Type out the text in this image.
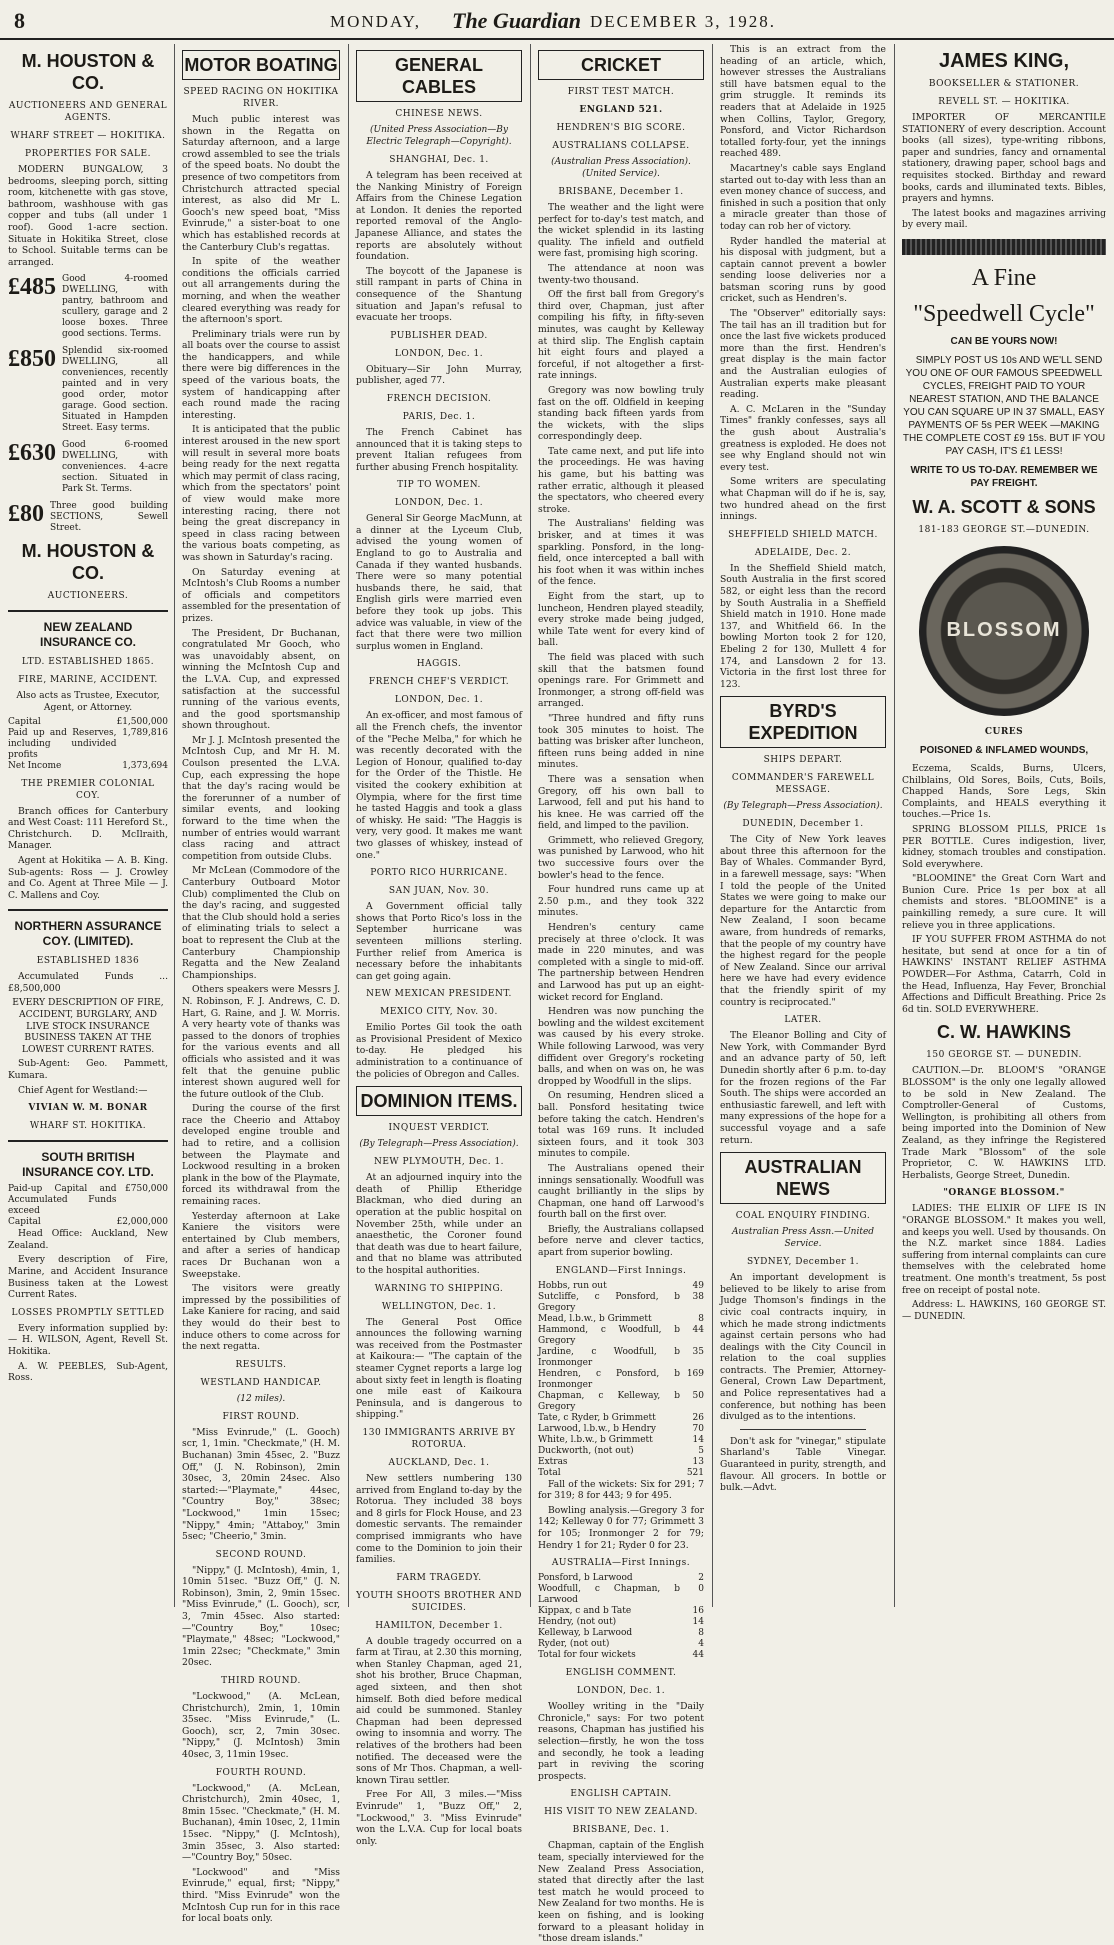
8	MONDAY, The Guardian DECEMBER 3, 1928.
M. HOUSTON & CO.
AUCTIONEERS AND GENERAL AGENTS.
WHARF STREET — HOKITIKA.
PROPERTIES FOR SALE.

MODERN BUNGALOW, 3 bedrooms, sleeping porch, sitting room, kitchenette with gas stove, bathroom, washhouse with gas copper and tubs (all under 1 roof). Good 1-acre section. Situate in Hokitika Street, close to School. Suitable terms can be arranged.

£485 Good 4-roomed DWELLING, with pantry, bathroom and scullery, garage and 2 loose boxes. Three good sections. Terms.
£850 Splendid six-roomed DWELLING, all conveniences, recently painted and in very good order, motor garage. Good section. Situated in Hampden Street. Easy terms.
£630 Good 6-roomed DWELLING, with conveniences. 4-acre section. Situated in Park St. Terms.
£80 Three good building SECTIONS, Sewell Street.
M. HOUSTON & CO.
AUCTIONEERS.
NEW ZEALAND INSURANCE CO.
LTD. ESTABLISHED 1865.
FIRE, MARINE, ACCIDENT.

Also acts as Trustee, Executor, Agent, or Attorney.

Capital	£1,500,000
Paid up and Reserves, including undivided profits	1,789,816
Net Income	1,373,694
THE PREMIER COLONIAL COY.

Branch offices for Canterbury and West Coast: 111 Hereford St., Christchurch. D. McIlraith, Manager.

Agent at Hokitika — A. B. King. Sub-agents: Ross — J. Crowley and Co. Agent at Three Mile — J. C. Mallens and Coy.

NORTHERN ASSURANCE COY. (LIMITED).
ESTABLISHED 1836

Accumulated Funds ... £8,500,000

EVERY DESCRIPTION OF FIRE, ACCIDENT, BURGLARY, AND LIVE STOCK INSURANCE BUSINESS TAKEN AT THE LOWEST CURRENT RATES.

Sub-Agent: Geo. Pammett, Kumara.

Chief Agent for Westland:—

VIVIAN W. M. BONAR
WHARF ST. HOKITIKA.
SOUTH BRITISH INSURANCE COY. LTD.
Paid-up Capital and Accumulated Funds exceed	£750,000
Capital	£2,000,000

Head Office: Auckland, New Zealand.

Every description of Fire, Marine, and Accident Insurance Business taken at the Lowest Current Rates.

LOSSES PROMPTLY SETTLED

Every information supplied by:— H. WILSON, Agent, Revell St. Hokitika.

A. W. PEEBLES, Sub-Agent, Ross.

MOTOR BOATING
SPEED RACING ON HOKITIKA RIVER.

Much public interest was shown in the Regatta on Saturday afternoon, and a large crowd assembled to see the trials of the speed boats. No doubt the presence of two competitors from Christchurch attracted special interest, as also did Mr L. Gooch's new speed boat, "Miss Evinrude," a sister-boat to one which has established records at the Canterbury Club's regattas.

In spite of the weather conditions the officials carried out all arrangements during the morning, and when the weather cleared everything was ready for the afternoon's sport.

Preliminary trials were run by all boats over the course to assist the handicappers, and while there were big differences in the speed of the various boats, the system of handicapping after each round made the racing interesting.

It is anticipated that the public interest aroused in the new sport will result in several more boats being ready for the next regatta which may permit of class racing, which from the spectators' point of view would make more interesting racing, there not being the great discrepancy in speed in class racing between the various boats competing, as was shown in Saturday's racing.

On Saturday evening at McIntosh's Club Rooms a number of officials and competitors assembled for the presentation of prizes.

The President, Dr Buchanan, congratulated Mr Gooch, who was unavoidably absent, on winning the McIntosh Cup and the L.V.A. Cup, and expressed satisfaction at the successful running of the various events, and the good sportsmanship shown throughout.

Mr J. J. McIntosh presented the McIntosh Cup, and Mr H. M. Coulson presented the L.V.A. Cup, each expressing the hope that the day's racing would be the forerunner of a number of similar events, and looking forward to the time when the number of entries would warrant class racing and attract competition from outside Clubs.

Mr McLean (Commodore of the Canterbury Outboard Motor Club) complimented the Club on the day's racing, and suggested that the Club should hold a series of eliminating trials to select a boat to represent the Club at the Canterbury Championship Regatta and the New Zealand Championships.

Others speakers were Messrs J. N. Robinson, F. J. Andrews, C. D. Hart, G. Raine, and J. W. Morris. A very hearty vote of thanks was passed to the donors of trophies for the various events and all officials who assisted and it was felt that the genuine public interest shown augured well for the future outlook of the Club.

During the course of the first race the Cheerio and Attaboy developed engine trouble and had to retire, and a collision between the Playmate and Lockwood resulting in a broken plank in the bow of the Playmate, forced its withdrawal from the remaining races.

Yesterday afternoon at Lake Kaniere the visitors were entertained by Club members, and after a series of handicap races Dr Buchanan won a Sweepstake.

The visitors were greatly impressed by the possibilities of Lake Kaniere for racing, and said they would do their best to induce others to come across for the next regatta.

RESULTS.
WESTLAND HANDICAP.
(12 miles).
FIRST ROUND.

"Miss Evinrude," (L. Gooch) scr, 1, 1min. "Checkmate," (H. M. Buchanan) 3min 45sec, 2. "Buzz Off," (J. N. Robinson), 2min 30sec, 3, 20min 24sec. Also started:—"Playmate," 44sec, "Country Boy," 38sec; "Lockwood," 1min 15sec; "Nippy," 4min; "Attaboy," 3min 5sec; "Cheerio," 3min.

SECOND ROUND.

"Nippy," (J. McIntosh), 4min, 1, 10min 51sec. "Buzz Off," (J. N. Robinson), 3min, 2, 9min 15sec. "Miss Evinrude," (L. Gooch), scr, 3, 7min 45sec. Also started:—"Country Boy," 10sec; "Playmate," 48sec; "Lockwood," 1min 22sec; "Checkmate," 3min 20sec.

THIRD ROUND.

"Lockwood," (A. McLean, Christchurch), 2min, 1, 10min 35sec. "Miss Evinrude," (L. Gooch), scr, 2, 7min 30sec. "Nippy," (J. McIntosh) 3min 40sec, 3, 11min 19sec.

FOURTH ROUND.

"Lockwood," (A. McLean, Christchurch), 2min 40sec, 1, 8min 15sec. "Checkmate," (H. M. Buchanan), 4min 10sec, 2, 11min 15sec. "Nippy," (J. McIntosh), 3min 35sec, 3. Also started:—"Country Boy," 50sec.

"Lockwood" and "Miss Evinrude," equal, first; "Nippy," third. "Miss Evinrude" won the McIntosh Cup run for in this race for local boats only.

GENERAL CABLES
CHINESE NEWS.
(United Press Association—By Electric Telegraph—Copyright).
SHANGHAI, Dec. 1.

A telegram has been received at the Nanking Ministry of Foreign Affairs from the Chinese Legation at London. It denies the reported reported removal of the Anglo-Japanese Alliance, and states the reports are absolutely without foundation.

The boycott of the Japanese is still rampant in parts of China in consequence of the Shantung situation and Japan's refusal to evacuate her troops.

PUBLISHER DEAD.
LONDON, Dec. 1.

Obituary—Sir John Murray, publisher, aged 77.

FRENCH DECISION.
PARIS, Dec. 1.

The French Cabinet has announced that it is taking steps to prevent Italian refugees from further abusing French hospitality.

TIP TO WOMEN.
LONDON, Dec. 1.

General Sir George MacMunn, at a dinner at the Lyceum Club, advised the young women of England to go to Australia and Canada if they wanted husbands. There were so many potential husbands there, he said, that English girls were married even before they took up jobs. This advice was valuable, in view of the fact that there were two million surplus women in England.

HAGGIS.
FRENCH CHEF'S VERDICT.
LONDON, Dec. 1.

An ex-officer, and most famous of all the French chefs, the inventor of the "Peche Melba," for which he was recently decorated with the Legion of Honour, qualified to-day for the Order of the Thistle. He visited the cookery exhibition at Olympia, where for the first time he tasted Haggis and took a glass of whisky. He said: "The Haggis is very, very good. It makes me want two glasses of whiskey, instead of one."

PORTO RICO HURRICANE.
SAN JUAN, Nov. 30.

A Government official tally shows that Porto Rico's loss in the September hurricane was seventeen millions sterling. Further relief from America is necessary before the inhabitants can get going again.

NEW MEXICAN PRESIDENT.
MEXICO CITY, Nov. 30.

Emilio Portes Gil took the oath as Provisional President of Mexico to-day. He pledged his administration to a continuance of the policies of Obregon and Calles.

DOMINION ITEMS.
INQUEST VERDICT.
(By Telegraph—Press Association).
NEW PLYMOUTH, Dec. 1.

At an adjourned inquiry into the death of Phillip Etheridge Blackman, who died during an operation at the public hospital on November 25th, while under an anaesthetic, the Coroner found that death was due to heart failure, and that no blame was attributed to the hospital authorities.

WARNING TO SHIPPING.
WELLINGTON, Dec. 1.

The General Post Office announces the following warning was received from the Postmaster at Kaikoura:— "The captain of the steamer Cygnet reports a large log about sixty feet in length is floating one mile east of Kaikoura Peninsula, and is dangerous to shipping."

130 IMMIGRANTS ARRIVE BY ROTORUA.
AUCKLAND, Dec. 1.

New settlers numbering 130 arrived from England to-day by the Rotorua. They included 38 boys and 8 girls for Flock House, and 23 domestic servants. The remainder comprised immigrants who have come to the Dominion to join their families.

FARM TRAGEDY.
YOUTH SHOOTS BROTHER AND SUICIDES.
HAMILTON, December 1.

A double tragedy occurred on a farm at Tirau, at 2.30 this morning, when Stanley Chapman, aged 21, shot his brother, Bruce Chapman, aged sixteen, and then shot himself. Both died before medical aid could be summoned. Stanley Chapman had been depressed owing to insomnia and worry. The relatives of the brothers had been notified. The deceased were the sons of Mr Thos. Chapman, a well-known Tirau settler.

Free For All, 3 miles.—"Miss Evinrude" 1, "Buzz Off," 2, "Lockwood," 3. "Miss Evinrude" won the L.V.A. Cup for local boats only.

CRICKET
FIRST TEST MATCH.
ENGLAND 521.
HENDREN'S BIG SCORE.
AUSTRALIANS COLLAPSE.
(Australian Press Association). (United Service).
BRISBANE, December 1.

The weather and the light were perfect for to-day's test match, and the wicket splendid in its lasting quality. The infield and outfield were fast, promising high scoring.

The attendance at noon was twenty-two thousand.

Off the first ball from Gregory's third over, Chapman, just after compiling his fifty, in fifty-seven minutes, was caught by Kelleway at third slip. The English captain hit eight fours and played a forceful, if not altogether a first-rate innings.

Gregory was now bowling truly fast on the off. Oldfield in keeping standing back fifteen yards from the wickets, with the slips correspondingly deep.

Tate came next, and put life into the proceedings. He was having his game, but his batting was rather erratic, although it pleased the spectators, who cheered every stroke.

The Australians' fielding was brisker, and at times it was sparkling. Ponsford, in the long-field, once intercepted a ball with his foot when it was within inches of the fence.

Eight from the start, up to luncheon, Hendren played steadily, every stroke made being judged, while Tate went for every kind of ball.

The field was placed with such skill that the batsmen found openings rare. For Grimmett and Ironmonger, a strong off-field was arranged.

"Three hundred and fifty runs took 305 minutes to hoist. The batting was brisker after luncheon, fifteen runs being added in nine minutes.

There was a sensation when Gregory, off his own ball to Larwood, fell and put his hand to his knee. He was carried off the field, and limped to the pavilion.

Grimmett, who relieved Gregory, was punished by Larwood, who hit two successive fours over the bowler's head to the fence.

Four hundred runs came up at 2.50 p.m., and they took 322 minutes.

Hendren's century came precisely at three o'clock. It was made in 220 minutes, and was completed with a single to mid-off. The partnership between Hendren and Larwood has put up an eight-wicket record for England.

Hendren was now punching the bowling and the wildest excitement was caused by his every stroke. While following Larwood, was very diffident over Gregory's rocketing balls, and when on was on, he was dropped by Woodfull in the slips.

On resuming, Hendren sliced a ball. Ponsford hesitating twice before taking the catch. Hendren's total was 169 runs. It included sixteen fours, and it took 303 minutes to compile.

The Australians opened their innings sensationally. Woodfull was caught brilliantly in the slips by Chapman, one hand off Larwood's fourth ball on the first over.

Briefly, the Australians collapsed before nerve and clever tactics, apart from superior bowling.

ENGLAND—First Innings.
Hobbs, run out	49
Sutcliffe, c Ponsford, b Gregory	38
Mead, l.b.w., b Grimmett	8
Hammond, c Woodfull, b Gregory	44
Jardine, c Woodfull, b Ironmonger	35
Hendren, c Ponsford, b Ironmonger	169
Chapman, c Kelleway, b Gregory	50
Tate, c Ryder, b Grimmett	26
Larwood, l.b.w., b Hendry	70
White, l.b.w., b Grimmett	14
Duckworth, (not out)	5
Extras	13
Total	521

Fall of the wickets: Six for 291; 7 for 319; 8 for 443; 9 for 495.

Bowling analysis.—Gregory 3 for 142; Kelleway 0 for 77; Grimmett 3 for 105; Ironmonger 2 for 79; Hendry 1 for 21; Ryder 0 for 23.

AUSTRALIA—First Innings.
Ponsford, b Larwood	2
Woodfull, c Chapman, b Larwood	0
Kippax, c and b Tate	16
Hendry, (not out)	14
Kelleway, b Larwood	8
Ryder, (not out)	4
Total for four wickets	44
ENGLISH COMMENT.
LONDON, Dec. 1.

Woolley writing in the "Daily Chronicle," says: For two potent reasons, Chapman has justified his selection—firstly, he won the toss and secondly, he took a leading part in reviving the scoring prospects.

ENGLISH CAPTAIN.
HIS VISIT TO NEW ZEALAND.
BRISBANE, Dec. 1.

Chapman, captain of the English team, specially interviewed for the New Zealand Press Association, stated that directly after the last test match he would proceed to New Zealand for two months. He is keen on fishing, and is looking forward to a pleasant holiday in "those dream islands."

This is an extract from the heading of an article, which, however stresses the Australians still have batsmen equal to the grim struggle. It reminds its readers that at Adelaide in 1925 when Collins, Taylor, Gregory, Ponsford, and Victor Richardson totalled forty-four, yet the innings reached 489.

Macartney's cable says England started out to-day with less than an even money chance of success, and finished in such a position that only a miracle greater than those of today can rob her of victory.

Ryder handled the material at his disposal with judgment, but a captain cannot prevent a bowler sending loose deliveries nor a batsman scoring runs by good cricket, such as Hendren's.

The "Observer" editorially says: The tail has an ill tradition but for once the last five wickets produced more than the first. Hendren's great display is the main factor and the Australian eulogies of Australian experts make pleasant reading.

A. C. McLaren in the "Sunday Times" frankly confesses, says all the gush about Australia's greatness is exploded. He does not see why England should not win every test.

Some writers are speculating what Chapman will do if he is, say, two hundred ahead on the first innings.

SHEFFIELD SHIELD MATCH.
ADELAIDE, Dec. 2.

In the Sheffield Shield match, South Australia in the first scored 582, or eight less than the record by South Australia in a Sheffield Shield match in 1910. Hone made 137, and Whitfield 66. In the bowling Morton took 2 for 120, Ebeling 2 for 130, Mullett 4 for 174, and Lansdown 2 for 13. Victoria in the first lost three for 123.

BYRD'S EXPEDITION
SHIPS DEPART.
COMMANDER'S FAREWELL MESSAGE.
(By Telegraph—Press Association).
DUNEDIN, December 1.

The City of New York leaves about three this afternoon for the Bay of Whales. Commander Byrd, in a farewell message, says: "When I told the people of the United States we were going to make our departure for the Antarctic from New Zealand, I soon became aware, from hundreds of remarks, that the people of my country have the highest regard for the people of New Zealand. Since our arrival here we have had every evidence that the friendly spirit of my country is reciprocated."

LATER.

The Eleanor Bolling and City of New York, with Commander Byrd and an advance party of 50, left Dunedin shortly after 6 p.m. to-day for the frozen regions of the Far South. The ships were accorded an enthusiastic farewell, and left with many expressions of the hope for a successful voyage and a safe return.

AUSTRALIAN NEWS
COAL ENQUIRY FINDING.
Australian Press Assn.—United Service.
SYDNEY, December 1.

An important development is believed to be likely to arise from Judge Thomson's findings in the civic coal contracts inquiry, in which he made strong indictments against certain persons who had dealings with the City Council in relation to the coal supplies contracts. The Premier, Attorney-General, Crown Law Department, and Police representatives had a conference, but nothing has been divulged as to the intentions.

Don't ask for "vinegar," stipulate Sharland's Table Vinegar. Guaranteed in purity, strength, and flavour. All grocers. In bottle or bulk.—Advt.

JAMES KING,
BOOKSELLER & STATIONER.
REVELL ST. — HOKITIKA.

IMPORTER OF MERCANTILE STATIONERY of every description. Account books (all sizes), type-writing ribbons, paper and sundries, fancy and ornamental stationery, drawing paper, school bags and requisites stocked. Birthday and reward books, cards and illuminated texts. Bibles, prayers and hymns.

The latest books and magazines arriving by every mail.

A Fine
"Speedwell Cycle"
CAN BE YOURS NOW!

SIMPLY POST US 10s AND WE'LL SEND YOU ONE OF OUR FAMOUS SPEEDWELL CYCLES, FREIGHT PAID TO YOUR NEAREST STATION, AND THE BALANCE YOU CAN SQUARE UP IN 37 SMALL, EASY PAYMENTS OF 5s PER WEEK —MAKING THE COMPLETE COST £9 15s. BUT IF YOU PAY CASH, IT'S £1 LESS!

WRITE TO US TO-DAY. REMEMBER WE PAY FREIGHT.
W. A. SCOTT & SONS
181-183 GEORGE ST.—DUNEDIN.
BLOSSOM
CURES
POISONED & INFLAMED WOUNDS,

Eczema, Scalds, Burns, Ulcers, Chilblains, Old Sores, Boils, Cuts, Boils, Chapped Hands, Sore Legs, Skin Complaints, and HEALS everything it touches.—Price 1s.

SPRING BLOSSOM PILLS, PRICE 1s PER BOTTLE. Cures indigestion, liver, kidney, stomach troubles and constipation. Sold everywhere.

"BLOOMINE" the Great Corn Wart and Bunion Cure. Price 1s per box at all chemists and stores. "BLOOMINE" is a painkilling remedy, a sure cure. It will relieve you in three applications.

IF YOU SUFFER FROM ASTHMA do not hesitate, but send at once for a tin of HAWKINS' INSTANT RELIEF ASTHMA POWDER—For Asthma, Catarrh, Cold in the Head, Influenza, Hay Fever, Bronchial Affections and Difficult Breathing. Price 2s 6d tin. SOLD EVERYWHERE.

C. W. HAWKINS
150 GEORGE ST. — DUNEDIN.

CAUTION.—Dr. BLOOM'S "ORANGE BLOSSOM" is the only one legally allowed to be sold in New Zealand. The Comptroller-General of Customs, Wellington, is prohibiting all others from being imported into the Dominion of New Zealand, as they infringe the Registered Trade Mark "Blossom" of the sole Proprietor, C. W. HAWKINS LTD. Herbalists, George Street, Dunedin.

"ORANGE BLOSSOM."

LADIES: THE ELIXIR OF LIFE IS IN "ORANGE BLOSSOM." It makes you well, and keeps you well. Used by thousands. On the N.Z. market since 1884. Ladies suffering from internal complaints can cure themselves with the celebrated home treatment. One month's treatment, 5s post free on receipt of postal note.

Address: L. HAWKINS, 160 GEORGE ST. — DUNEDIN.
